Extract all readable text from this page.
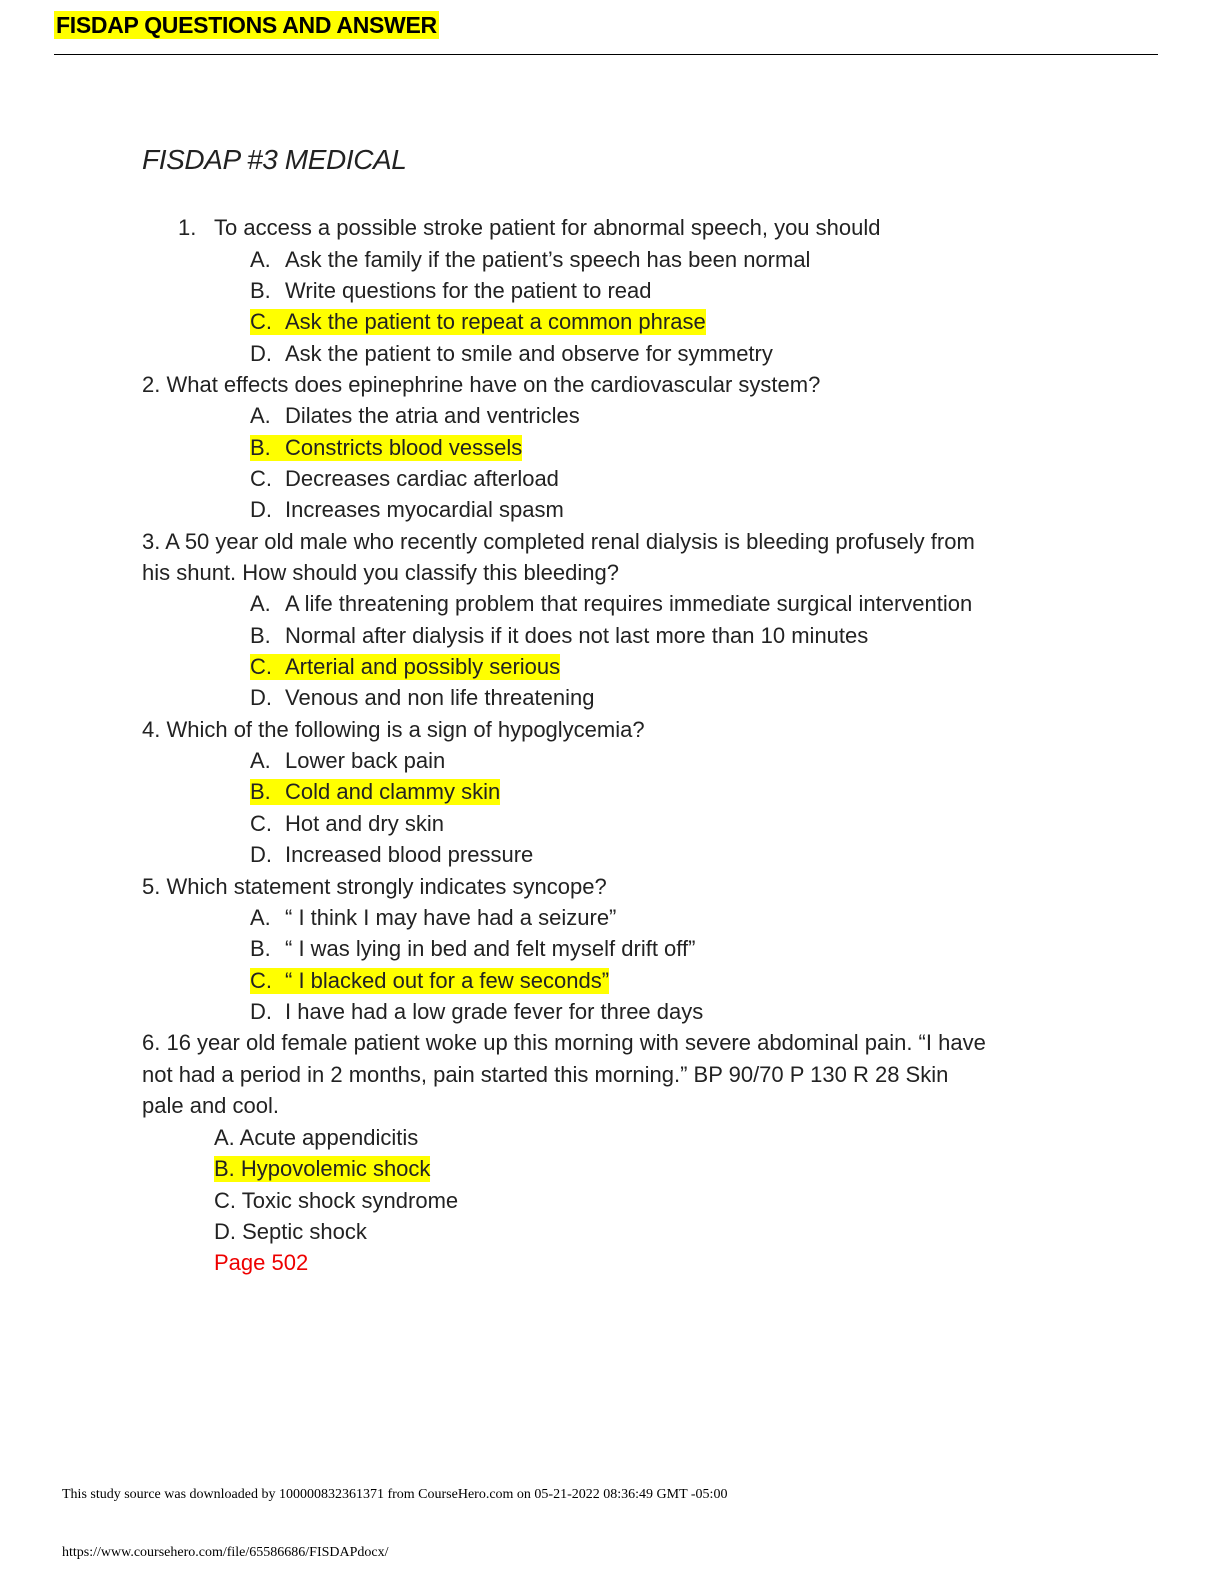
FISDAP QUESTIONS AND ANSWER
FISDAP #3 MEDICAL
1. To access a possible stroke patient for abnormal speech, you should
A. Ask the family if the patient’s speech has been normal
B. Write questions for the patient to read
C. Ask the patient to repeat a common phrase
D. Ask the patient to smile and observe for symmetry
2. What effects does epinephrine have on the cardiovascular system?
A. Dilates the atria and ventricles
B. Constricts blood vessels
C. Decreases cardiac afterload
D. Increases myocardial spasm
3. A 50 year old male who recently completed renal dialysis is bleeding profusely from
his shunt. How should you classify this bleeding?
A. A life threatening problem that requires immediate surgical intervention
B. Normal after dialysis if it does not last more than 10 minutes
C. Arterial and possibly serious
D. Venous and non life threatening
4. Which of the following is a sign of hypoglycemia?
A. Lower back pain
B. Cold and clammy skin
C. Hot and dry skin
D. Increased blood pressure
5. Which statement strongly indicates syncope?
A. “ I think I may have had a seizure”
B. “ I was lying in bed and felt myself drift off”
C. “ I blacked out for a few seconds”
D. I have had a low grade fever for three days
6. 16 year old female patient woke up this morning with severe abdominal pain. “I have
not had a period in 2 months, pain started this morning.” BP 90/70 P 130 R 28 Skin
pale and cool.
A. Acute appendicitis
B. Hypovolemic shock
C. Toxic shock syndrome
D. Septic shock
Page 502
This study source was downloaded by 100000832361371 from CourseHero.com on 05-21-2022 08:36:49 GMT -05:00
https://www.coursehero.com/file/65586686/FISDAPdocx/
